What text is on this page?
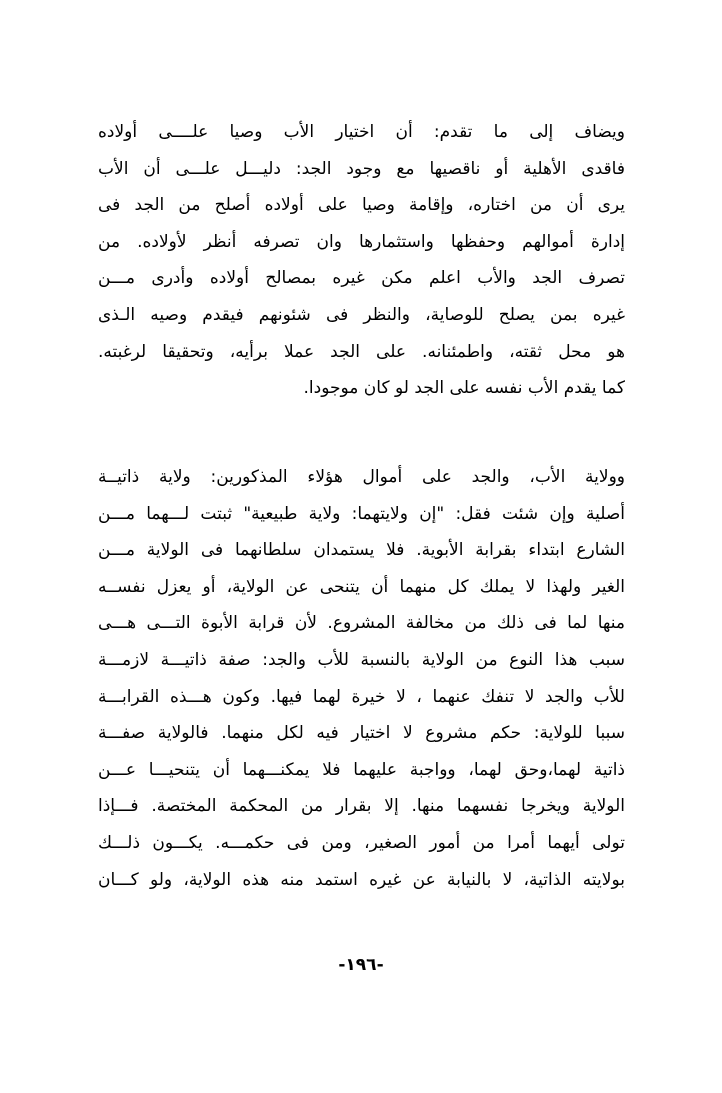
ويضاف إلى ما تقدم: أن اختيار الأب وصيا علــــى أولاده
فاقدى الأهلية أو ناقصيها مع وجود الجد: دليـــل علـــى أن الأب
يرى أن من اختاره، وإقامة وصيا على أولاده أصلح من الجد فى
إدارة أموالهم وحفظها واستثمارها وان تصرفه أنظر لأولاده. من
تصرف الجد والأب اعلم مكن غيره بمصالح أولاده وأدرى مـــن
غيره بمن يصلح للوصاية، والنظر فى شئونهم فيقدم وصيه الـذى
هو محل ثقته، واطمئنانه. على الجد عملا برأيه، وتحقيقا لرغبته.
كما يقدم الأب نفسه على الجد لو كان موجودا.
وولاية الأب، والجد على أموال هؤلاء المذكورين: ولاية ذاتيــة
أصلية وإن شئت فقل: "إن ولايتهما: ولاية طبيعية" ثبتت لـــهما مـــن
الشارع ابتداء بقرابة الأبوية. فلا يستمدان سلطانهما فى الولاية مـــن
الغير ولهذا لا يملك كل منهما أن يتنحى عن الولاية، أو يعزل نفســه
منها لما فى ذلك من مخالفة المشروع. لأن قرابة الأبوة التـــى هـــى
سبب هذا النوع من الولاية بالنسبة للأب والجد: صفة ذاتيـــة لازمـــة
للأب والجد لا تنفك عنهما ، لا خيرة لهما فيها. وكون هـــذه القرابـــة
سببا للولاية: حكم مشروع لا اختيار فيه لكل منهما. فالولاية صفـــة
ذاتية لهما،وحق لهما، وواجبة عليهما فلا يمكنـــهما أن يتنحيـــا عـــن
الولاية ويخرجا نفسهما منها. إلا بقرار من المحكمة المختصة. فـــإذا
تولى أيهما أمرا من أمور الصغير، ومن فى حكمـــه. يكـــون ذلـــك
بولايته الذاتية، لا بالنيابة عن غيره استمد منه هذه الولاية، ولو كـــان
-١٩٦-
